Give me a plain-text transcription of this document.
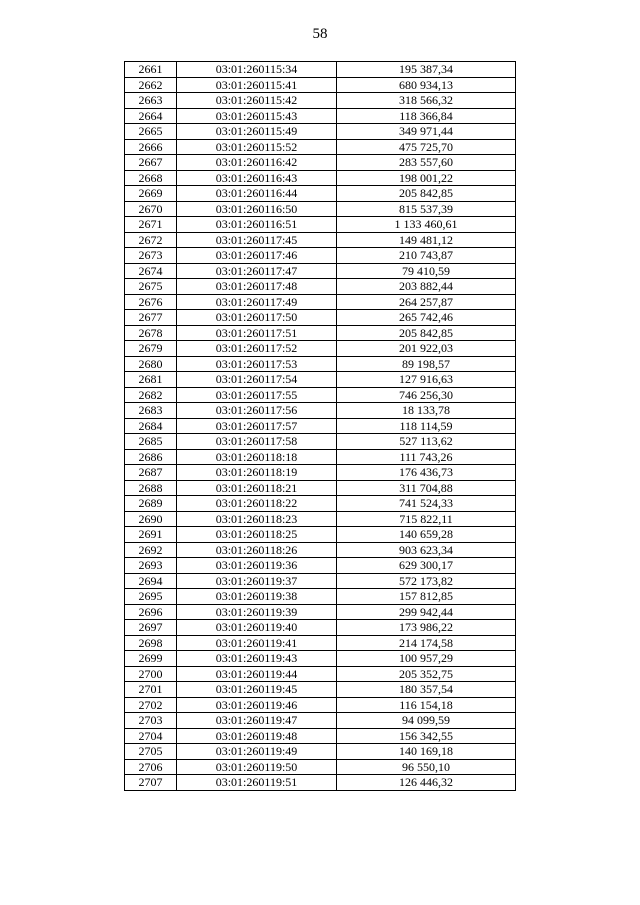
58
2661	03:01:260115:34	195 387,34
2662	03:01:260115:41	680 934,13
2663	03:01:260115:42	318 566,32
2664	03:01:260115:43	118 366,84
2665	03:01:260115:49	349 971,44
2666	03:01:260115:52	475 725,70
2667	03:01:260116:42	283 557,60
2668	03:01:260116:43	198 001,22
2669	03:01:260116:44	205 842,85
2670	03:01:260116:50	815 537,39
2671	03:01:260116:51	1 133 460,61
2672	03:01:260117:45	149 481,12
2673	03:01:260117:46	210 743,87
2674	03:01:260117:47	79 410,59
2675	03:01:260117:48	203 882,44
2676	03:01:260117:49	264 257,87
2677	03:01:260117:50	265 742,46
2678	03:01:260117:51	205 842,85
2679	03:01:260117:52	201 922,03
2680	03:01:260117:53	89 198,57
2681	03:01:260117:54	127 916,63
2682	03:01:260117:55	746 256,30
2683	03:01:260117:56	18 133,78
2684	03:01:260117:57	118 114,59
2685	03:01:260117:58	527 113,62
2686	03:01:260118:18	111 743,26
2687	03:01:260118:19	176 436,73
2688	03:01:260118:21	311 704,88
2689	03:01:260118:22	741 524,33
2690	03:01:260118:23	715 822,11
2691	03:01:260118:25	140 659,28
2692	03:01:260118:26	903 623,34
2693	03:01:260119:36	629 300,17
2694	03:01:260119:37	572 173,82
2695	03:01:260119:38	157 812,85
2696	03:01:260119:39	299 942,44
2697	03:01:260119:40	173 986,22
2698	03:01:260119:41	214 174,58
2699	03:01:260119:43	100 957,29
2700	03:01:260119:44	205 352,75
2701	03:01:260119:45	180 357,54
2702	03:01:260119:46	116 154,18
2703	03:01:260119:47	94 099,59
2704	03:01:260119:48	156 342,55
2705	03:01:260119:49	140 169,18
2706	03:01:260119:50	96 550,10
2707	03:01:260119:51	126 446,32
